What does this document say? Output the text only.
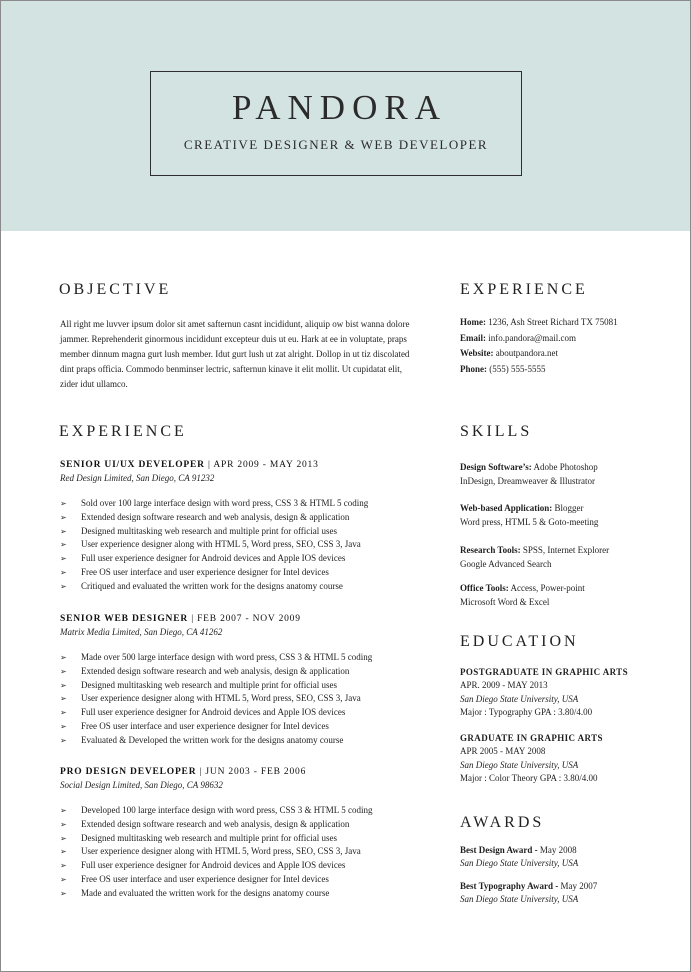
PANDORA
CREATIVE DESIGNER & WEB DEVELOPER
OBJECTIVE
All right me luvver ipsum dolor sit amet safternun casnt incididunt, aliquip ow bist wanna dolore jammer. Reprehenderit ginormous incididunt excepteur duis ut eu. Hark at ee in voluptate, praps member dinnum magna gurt lush member. Idut gurt lush ut zat alright. Dollop in ut tiz discolated dint praps officia. Commodo benminser lectric, safternun kinave it elit mollit. Ut cupidatat elit, zider idut ullamco.
EXPERIENCE
SENIOR UI/UX DEVELOPER | APR 2009 - MAY 2013
Red Design Limited, San Diego, CA 91232
➢ Sold over 100 large interface design with word press, CSS 3 & HTML 5 coding
➢ Extended design software research and web analysis, design & application
➢ Designed multitasking web research and multiple print for official uses
➢ User experience designer along with HTML 5, Word press, SEO, CSS 3, Java
➢ Full user experience designer for Android devices and Apple IOS devices
➢ Free OS user interface and user experience designer for Intel devices
➢ Critiqued and evaluated the written work for the designs anatomy course
SENIOR WEB DESIGNER | FEB 2007 - NOV 2009
Matrix Media Limited, San Diego, CA 41262
➢ Made over 500 large interface design with word press, CSS 3 & HTML 5 coding
➢ Extended design software research and web analysis, design & application
➢ Designed multitasking web research and multiple print for official uses
➢ User experience designer along with HTML 5, Word press, SEO, CSS 3, Java
➢ Full user experience designer for Android devices and Apple IOS devices
➢ Free OS user interface and user experience designer for Intel devices
➢ Evaluated & Developed the written work for the designs anatomy course
PRO DESIGN DEVELOPER | JUN 2003 - FEB 2006
Social Design Limited, San Diego, CA 98632
➢ Developed 100 large interface design with word press, CSS 3 & HTML 5 coding
➢ Extended design software research and web analysis, design & application
➢ Designed multitasking web research and multiple print for official uses
➢ User experience designer along with HTML 5, Word press, SEO, CSS 3, Java
➢ Full user experience designer for Android devices and Apple IOS devices
➢ Free OS user interface and user experience designer for Intel devices
➢ Made and evaluated the written work for the designs anatomy course
EXPERIENCE
Home: 1236, Ash Street Richard TX 75081
Email: info.pandora@mail.com
Website: aboutpandora.net
Phone: (555) 555-5555
SKILLS
Design Software’s: Adobe Photoshop
InDesign, Dreamweaver & Illustrator
Web-based Application: Blogger
Word press, HTML 5 & Goto-meeting
Research Tools: SPSS, Internet Explorer
Google Advanced Search
Office Tools: Access, Power-point
Microsoft Word & Excel
EDUCATION
POSTGRADUATE IN GRAPHIC ARTS
APR. 2009 - MAY 2013
San Diego State University, USA
Major : Typography GPA : 3.80/4.00
GRADUATE IN GRAPHIC ARTS
APR 2005 - MAY 2008
San Diego State University, USA
Major : Color Theory GPA : 3.80/4.00
AWARDS
Best Design Award - May 2008
San Diego State University, USA
Best Typography Award - May 2007
San Diego State University, USA
